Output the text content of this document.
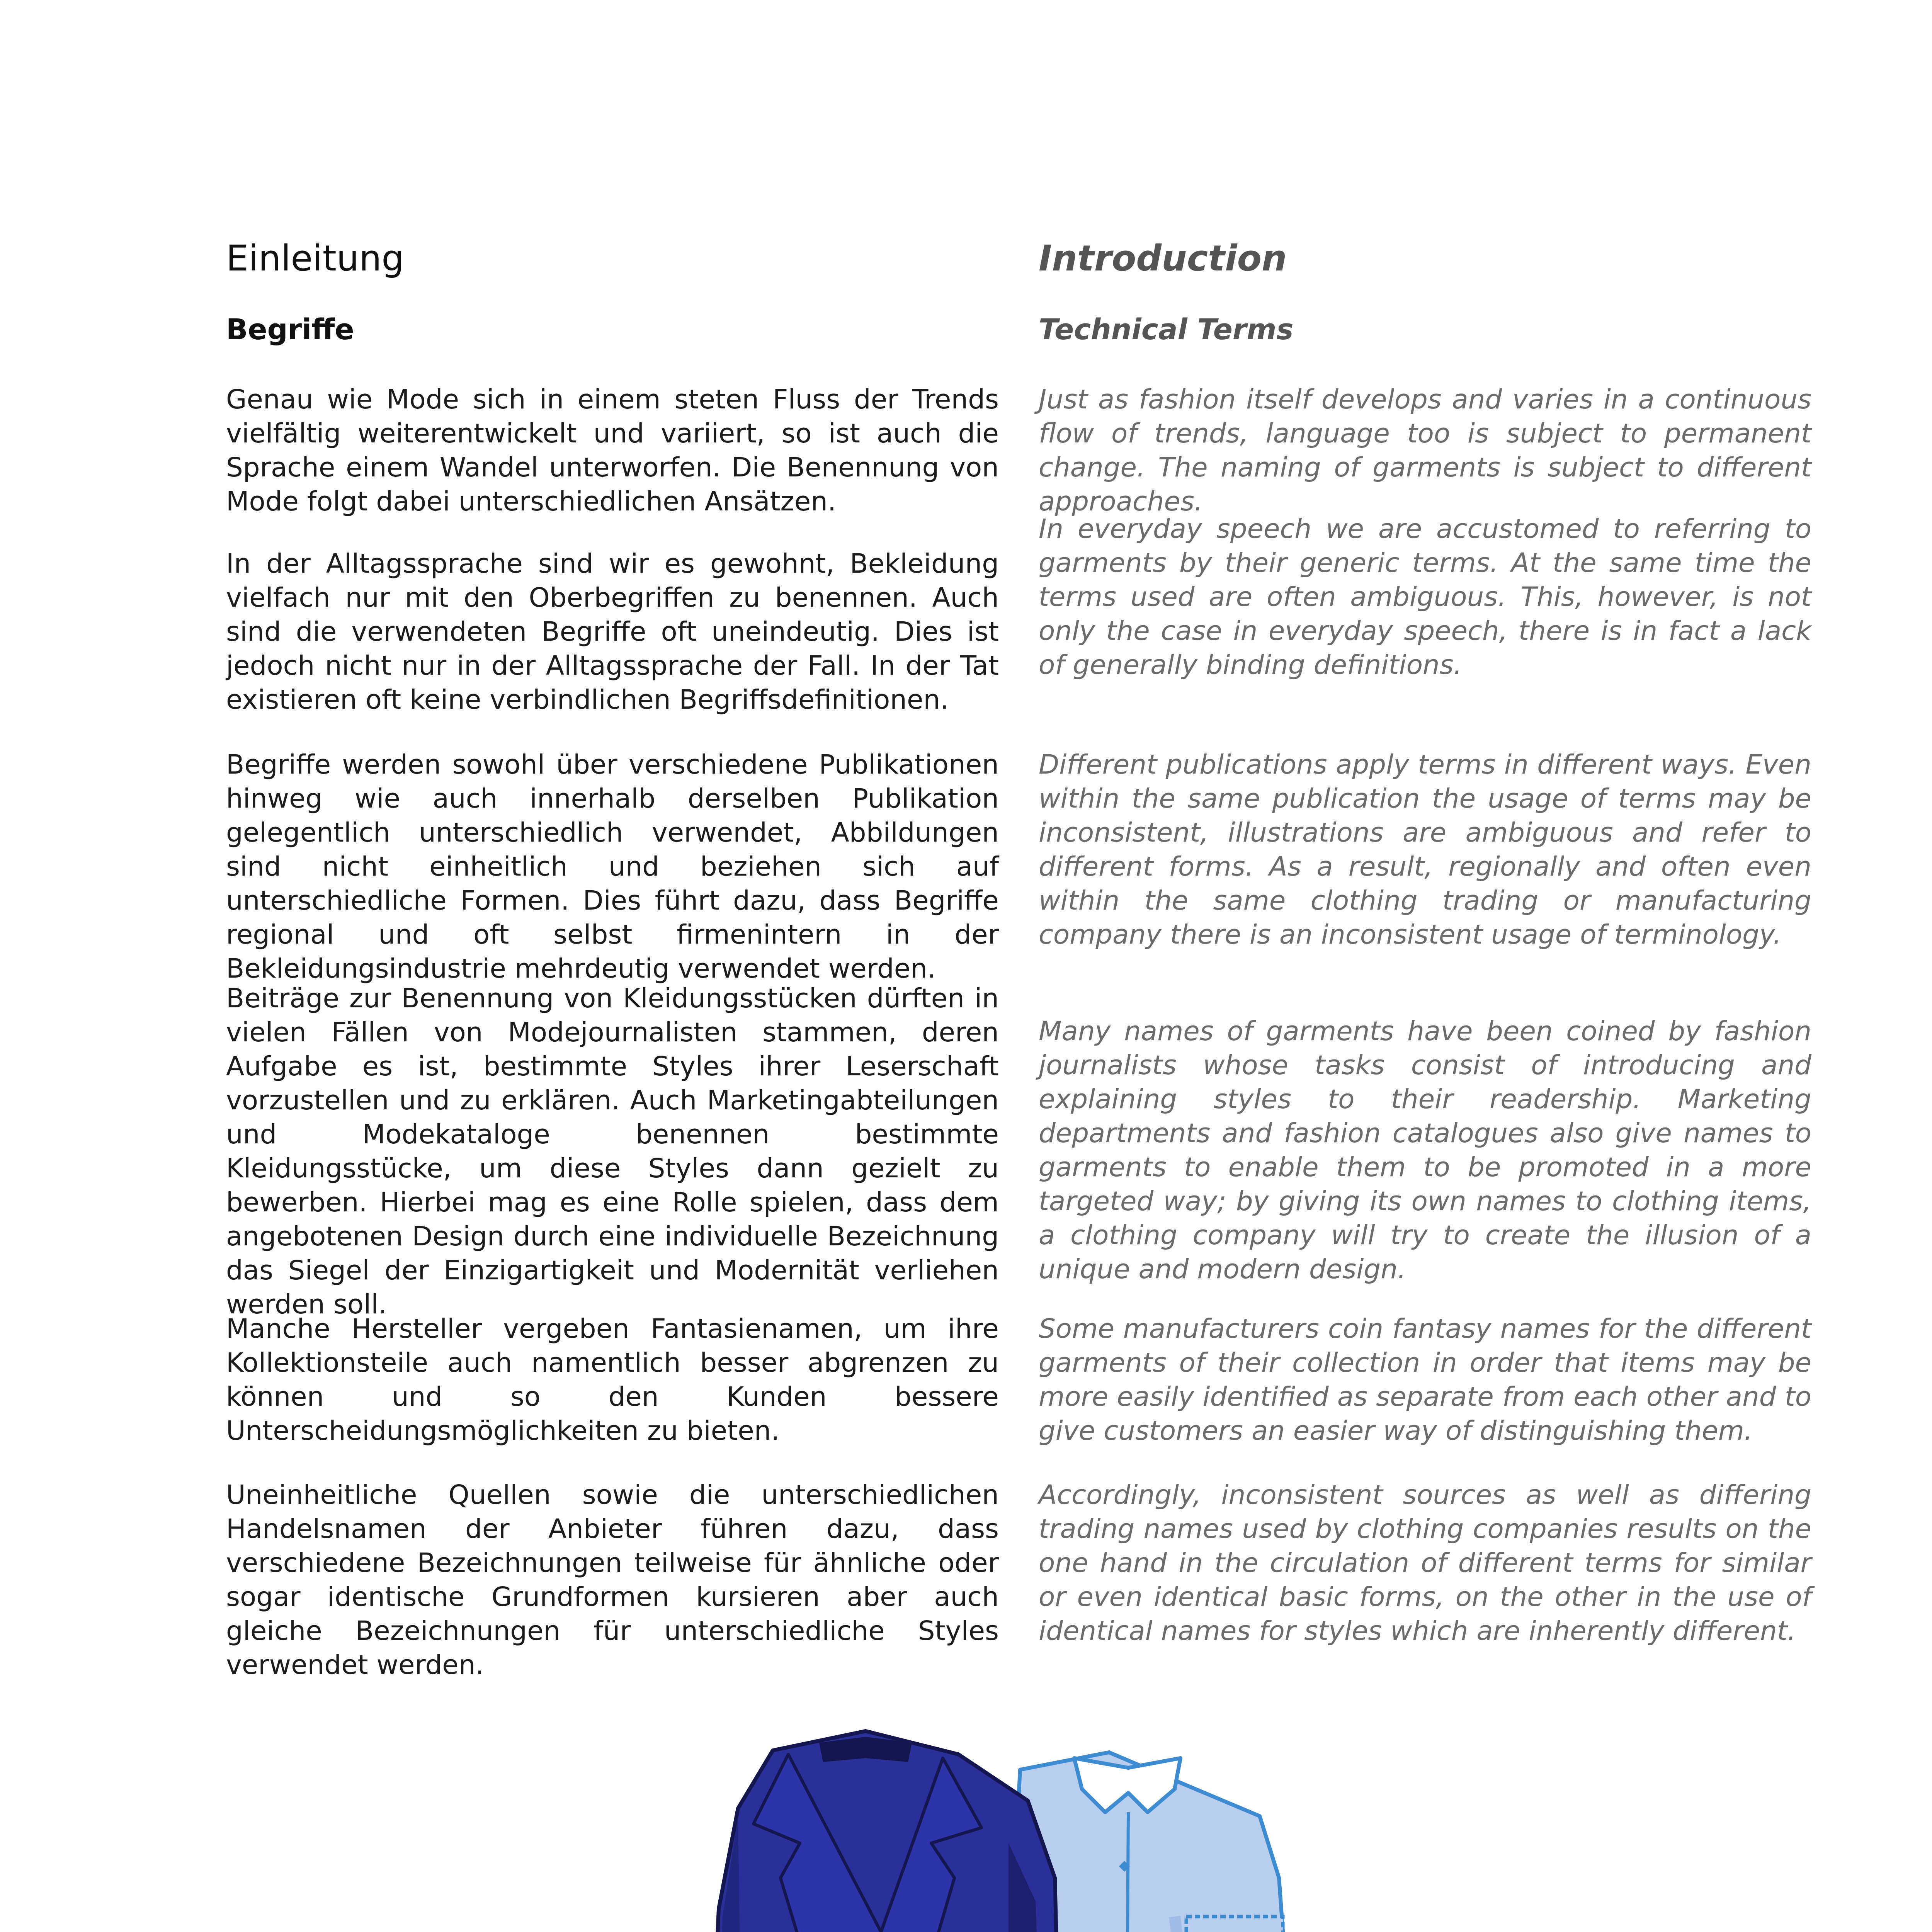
Einleitung
Begriffe

Genau wie Mode sich in einem steten Fluss der Trends vielfältig weiterentwickelt und variiert, so ist auch die Sprache einem Wandel unterworfen. Die Benennung von Mode folgt dabei unterschiedlichen Ansätzen.

In der Alltagssprache sind wir es gewohnt, Bekleidung vielfach nur mit den Oberbegriffen zu benennen. Auch sind die verwendeten Begriffe oft uneindeutig. Dies ist jedoch nicht nur in der Alltagssprache der Fall. In der Tat existieren oft keine verbindlichen Begriffsdefinitionen.

Begriffe werden sowohl über verschiedene Publikationen hinweg wie auch innerhalb derselben Publikation gelegentlich unterschiedlich verwendet, Abbildungen sind nicht einheitlich und beziehen sich auf unterschiedliche Formen. Dies führt dazu, dass Begriffe regional und oft selbst firmenintern in der Bekleidungsindustrie mehrdeutig verwendet werden.

Beiträge zur Benennung von Kleidungsstücken dürften in vielen Fällen von Modejournalisten stammen, deren Aufgabe es ist, bestimmte Styles ihrer Leserschaft vorzustellen und zu erklären. Auch Marketingabteilungen und Modekataloge benennen bestimmte Kleidungsstücke, um diese Styles dann gezielt zu bewerben. Hierbei mag es eine Rolle spielen, dass dem angebotenen Design durch eine individuelle Bezeichnung das Siegel der Einzigartigkeit und Modernität verliehen werden soll.

Manche Hersteller vergeben Fantasienamen, um ihre Kollektionsteile auch namentlich besser abgrenzen zu können und so den Kunden bessere Unterscheidungsmöglichkeiten zu bieten.

Uneinheitliche Quellen sowie die unterschiedlichen Handelsnamen der Anbieter führen dazu, dass verschiedene Bezeichnungen teilweise für ähnliche oder sogar identische Grundformen kursieren aber auch gleiche Bezeichnungen für unterschiedliche Styles verwendet werden.

Introduction
Technical Terms

Just as fashion itself develops and varies in a continuous flow of trends, language too is subject to permanent change. The naming of garments is subject to different approaches.

In everyday speech we are accustomed to referring to garments by their generic terms. At the same time the terms used are often ambiguous. This, however, is not only the case in everyday speech, there is in fact a lack of generally binding definitions.

Different publications apply terms in different ways. Even within the same publication the usage of terms may be inconsistent, illustrations are ambiguous and refer to different forms. As a result, regionally and often even within the same clothing trading or manufacturing company there is an inconsistent usage of terminology.

Many names of garments have been coined by fashion journalists whose tasks consist of introducing and explaining styles to their readership. Marketing departments and fashion catalogues also give names to garments to enable them to be promoted in a more targeted way; by giving its own names to clothing items, a clothing company will try to create the illusion of a unique and modern design.

Some manufacturers coin fantasy names for the different garments of their collection in order that items may be more easily identified as separate from each other and to give customers an easier way of distinguishing them.

Accordingly, inconsistent sources as well as differing trading names used by clothing companies results on the one hand in the circulation of different terms for similar or even identical basic forms, on the other in the use of identical names for styles which are inherently different.
